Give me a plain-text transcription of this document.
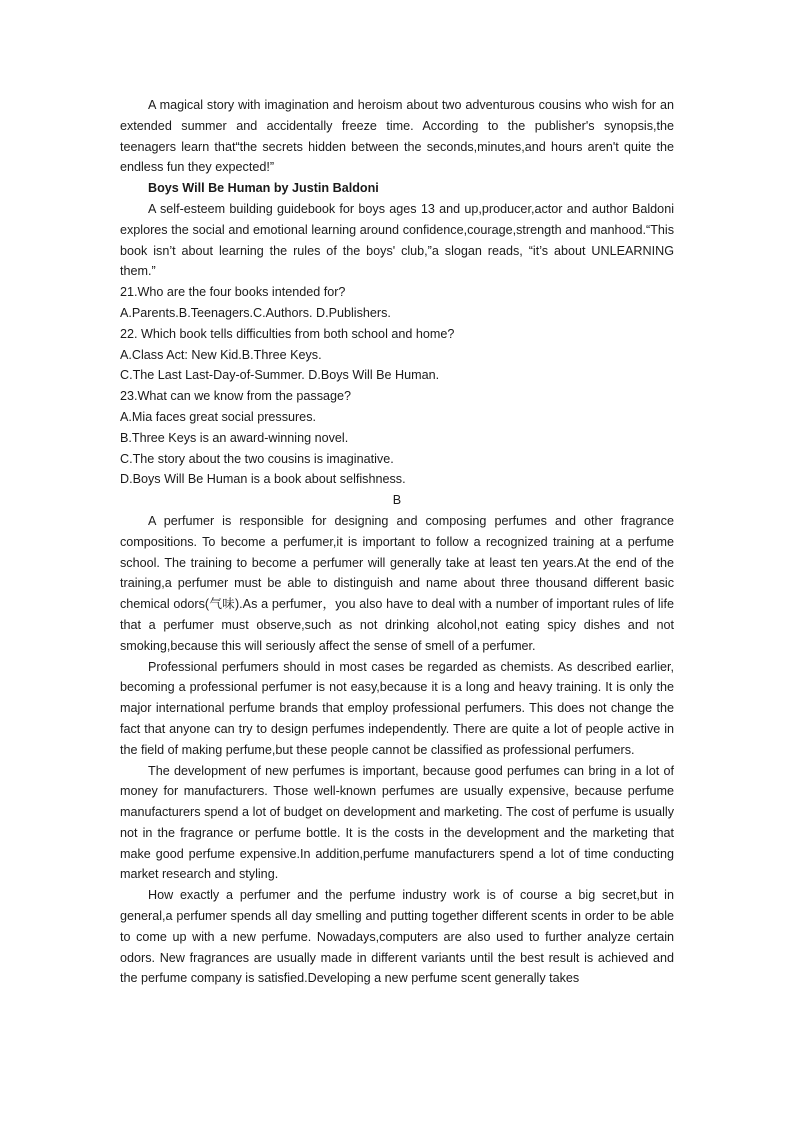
A magical story with imagination and heroism about two adventurous cousins who wish for an extended summer and accidentally freeze time. According to the publisher's synopsis,the teenagers learn that“the secrets hidden between the seconds,minutes,and hours aren't quite the endless fun they expected!”

Boys Will Be Human by Justin Baldoni

A self-esteem building guidebook for boys ages 13 and up,producer,actor and author Baldoni explores the social and emotional learning around confidence,courage,strength and manhood.“This book isn’t about learning the rules of the boys' club,”a slogan reads, “it’s about UNLEARNING them.”

21.Who are the four books intended for?

A.Parents.B.Teenagers.C.Authors. D.Publishers.

22. Which book tells difficulties from both school and home?

A.Class Act: New Kid.B.Three Keys.

C.The Last Last-Day-of-Summer. D.Boys Will Be Human.

23.What can we know from the passage?

A.Mia faces great social pressures.

B.Three Keys is an award-winning novel.

C.The story about the two cousins is imaginative.

D.Boys Will Be Human is a book about selfishness.

B

A perfumer is responsible for designing and composing perfumes and other fragrance compositions. To become a perfumer,it is important to follow a recognized training at a perfume school. The training to become a perfumer will generally take at least ten years.At the end of the training,a perfumer must be able to distinguish and name about three thousand different basic chemical odors(气味).As a perfumer，you also have to deal with a number of important rules of life that a perfumer must observe,such as not drinking alcohol,not eating spicy dishes and not smoking,because this will seriously affect the sense of smell of a perfumer.

Professional perfumers should in most cases be regarded as chemists. As described earlier, becoming a professional perfumer is not easy,because it is a long and heavy training. It is only the major international perfume brands that employ professional perfumers. This does not change the fact that anyone can try to design perfumes independently. There are quite a lot of people active in the field of making perfume,but these people cannot be classified as professional perfumers.

The development of new perfumes is important, because good perfumes can bring in a lot of money for manufacturers. Those well-known perfumes are usually expensive, because perfume manufacturers spend a lot of budget on development and marketing. The cost of perfume is usually not in the fragrance or perfume bottle. It is the costs in the development and the marketing that make good perfume expensive.In addition,perfume manufacturers spend a lot of time conducting market research and styling.

How exactly a perfumer and the perfume industry work is of course a big secret,but in general,a perfumer spends all day smelling and putting together different scents in order to be able to come up with a new perfume. Nowadays,computers are also used to further analyze certain odors. New fragrances are usually made in different variants until the best result is achieved and the perfume company is satisfied.Developing a new perfume scent generally takes
